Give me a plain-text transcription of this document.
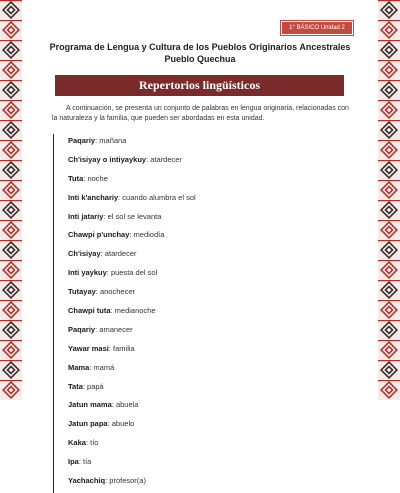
1° BÁSICO Unidad 2
Programa de Lengua y Cultura de los Pueblos Originarios Ancestrales
Pueblo Quechua
Repertorios lingüísticos
A continuación, se presenta un conjunto de palabras en lengua originaria, relacionadas con la naturaleza y la familia, que pueden ser abordadas en esta unidad.
Paqariy: mañana
Ch'isiyay o intiyaykuy: atardecer
Tuta: noche
Inti k'anchariy: cuando alumbra el sol
Inti jatariy: el sol se levanta
Chawpi p'unchay: mediodía
Ch'isiyay: atardecer
Inti yaykuy: puesta del sol
Tutayay: anochecer
Chawpi tuta: medianoche
Paqariy: amanecer
Yawar masi: familia
Mama: mamá
Tata: papá
Jatun mama: abuela
Jatun papa: abuelo
Kaka: tío
Ipa: tía
Yachachiq: profesor(a)
